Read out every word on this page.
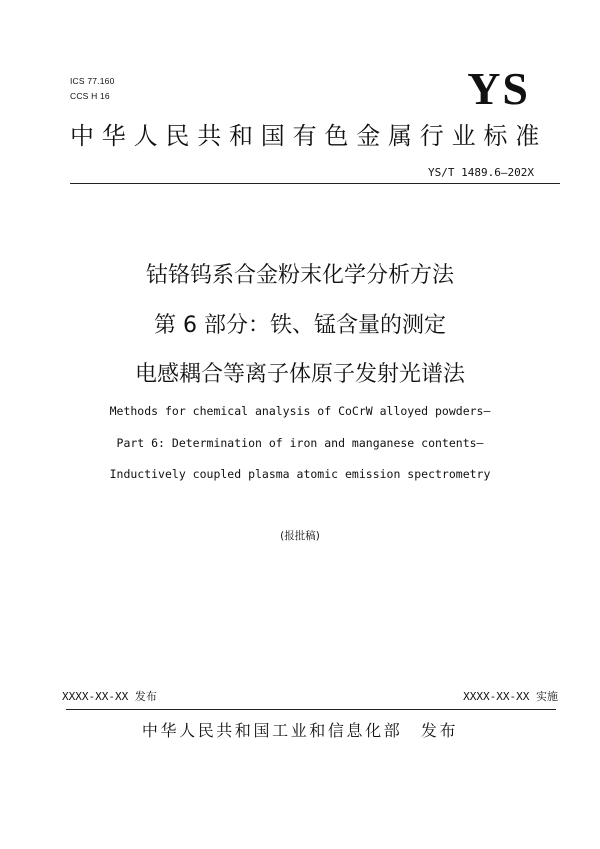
ICS 77.160
CCS H 16	YS
中华人民共和国有色金属行业标准
YS/T 1489.6—202X
钴铬钨系合金粉末化学分析方法
第 6 部分：铁、锰含量的测定
电感耦合等离子体原子发射光谱法
Methods for chemical analysis of CoCrW alloyed powders—
Part 6: Determination of iron and manganese contents—
Inductively coupled plasma atomic emission spectrometry
(报批稿)
XXXX-XX-XX 发布	XXXX-XX-XX 实施
中华人民共和国工业和信息化部　发布
